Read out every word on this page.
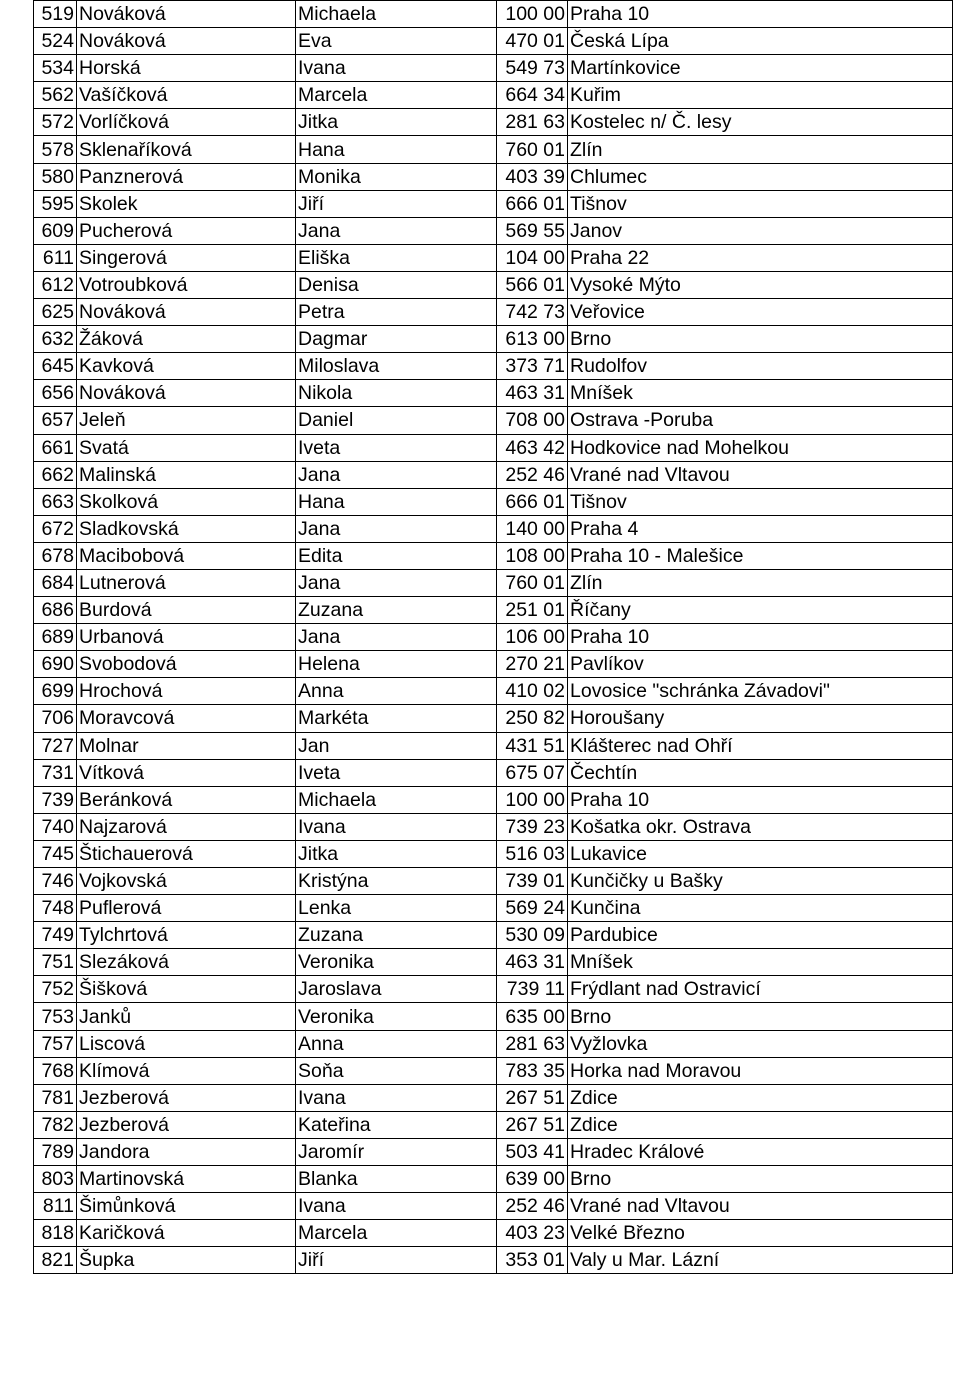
519	Nováková	Michaela	100 00	Praha 10
524	Nováková	Eva	470 01	Česká Lípa
534	Horská	Ivana	549 73	Martínkovice
562	Vašíčková	Marcela	664 34	Kuřim
572	Vorlíčková	Jitka	281 63	Kostelec n/ Č. lesy
578	Sklenaříková	Hana	760 01	Zlín
580	Panznerová	Monika	403 39	Chlumec
595	Skolek	Jiří	666 01	Tišnov
609	Pucherová	Jana	569 55	Janov
611	Singerová	Eliška	104 00	Praha 22
612	Votroubková	Denisa	566 01	Vysoké Mýto
625	Nováková	Petra	742 73	Veřovice
632	Žáková	Dagmar	613 00	Brno
645	Kavková	Miloslava	373 71	Rudolfov
656	Nováková	Nikola	463 31	Mníšek
657	Jeleň	Daniel	708 00	Ostrava -Poruba
661	Svatá	Iveta	463 42	Hodkovice nad Mohelkou
662	Malinská	Jana	252 46	Vrané nad Vltavou
663	Skolková	Hana	666 01	Tišnov
672	Sladkovská	Jana	140 00	Praha 4
678	Macibobová	Edita	108 00	Praha 10 - Malešice
684	Lutnerová	Jana	760 01	Zlín
686	Burdová	Zuzana	251 01	Říčany
689	Urbanová	Jana	106 00	Praha 10
690	Svobodová	Helena	270 21	Pavlíkov
699	Hrochová	Anna	410 02	Lovosice "schránka Závadovi"
706	Moravcová	Markéta	250 82	Horoušany
727	Molnar	Jan	431 51	Klášterec nad Ohří
731	Vítková	Iveta	675 07	Čechtín
739	Beránková	Michaela	100 00	Praha 10
740	Najzarová	Ivana	739 23	Košatka okr. Ostrava
745	Štichauerová	Jitka	516 03	Lukavice
746	Vojkovská	Kristýna	739 01	Kunčičky u Bašky
748	Puflerová	Lenka	569 24	Kunčina
749	Tylchrtová	Zuzana	530 09	Pardubice
751	Slezáková	Veronika	463 31	Mníšek
752	Šišková	Jaroslava	739 11	Frýdlant nad Ostravicí
753	Janků	Veronika	635 00	Brno
757	Liscová	Anna	281 63	Vyžlovka
768	Klímová	Soňa	783 35	Horka nad Moravou
781	Jezberová	Ivana	267 51	Zdice
782	Jezberová	Kateřina	267 51	Zdice
789	Jandora	Jaromír	503 41	Hradec Králové
803	Martinovská	Blanka	639 00	Brno
811	Šimůnková	Ivana	252 46	Vrané nad Vltavou
818	Karičková	Marcela	403 23	Velké Březno
821	Šupka	Jiří	353 01	Valy u Mar. Lázní
